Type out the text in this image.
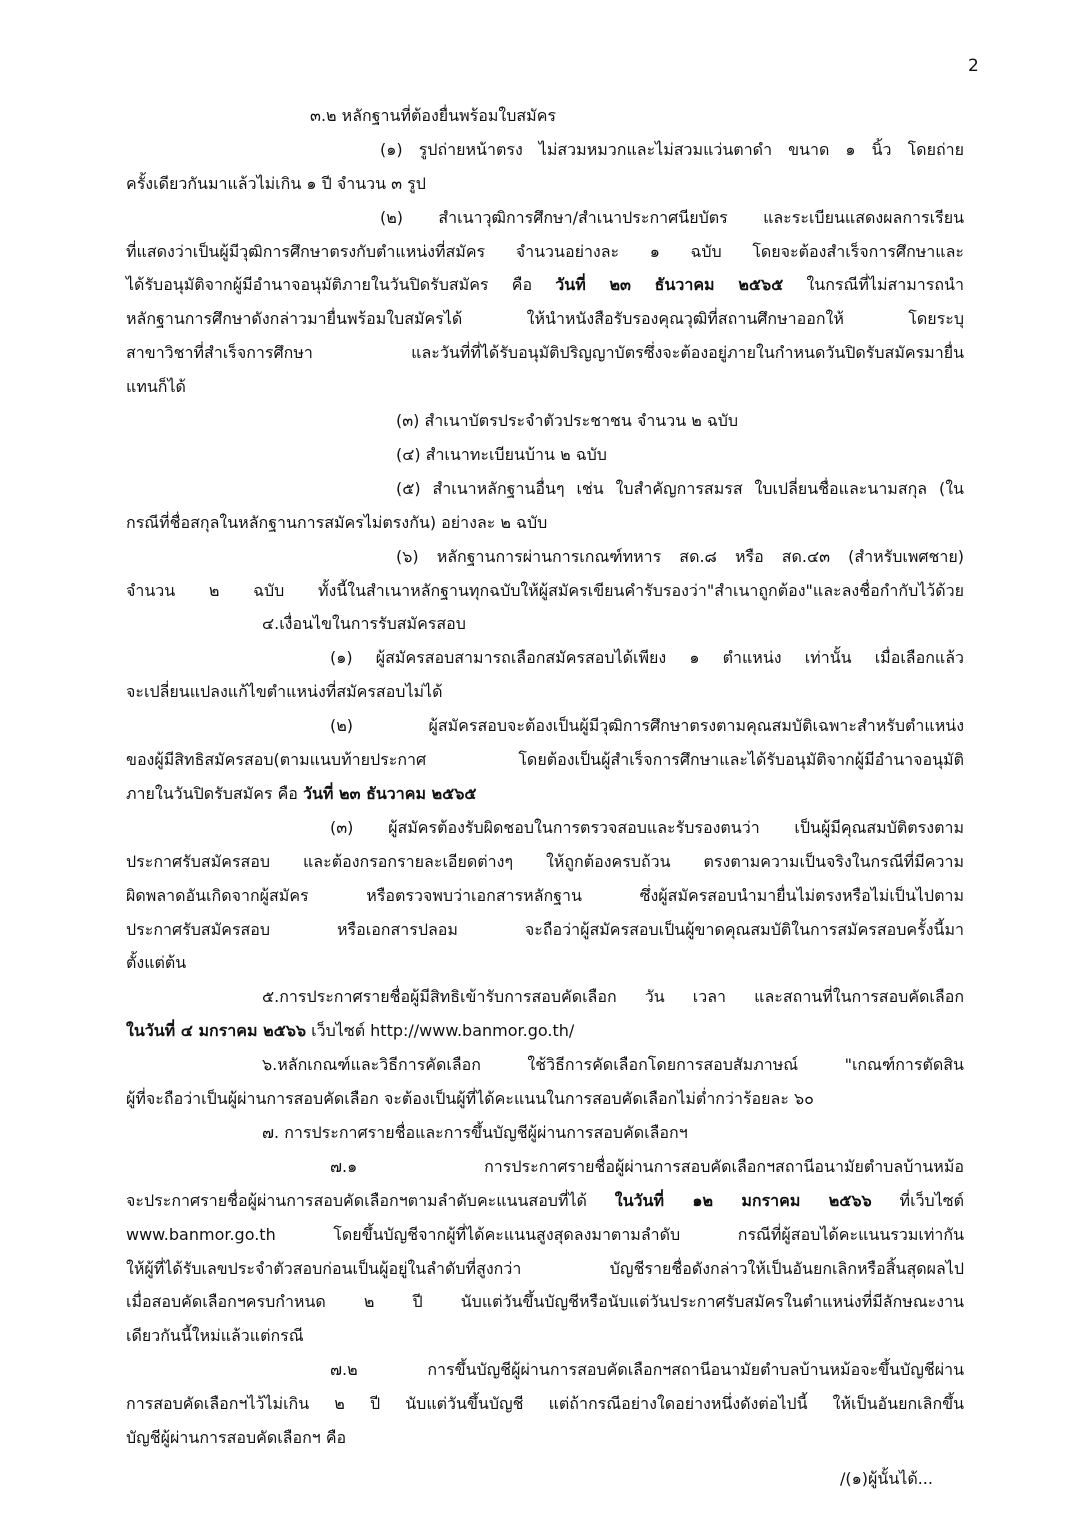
2
๓.๒ หลักฐานที่ต้องยื่นพร้อมใบสมัคร
(๑) รูปถ่ายหน้าตรง ไม่สวมหมวกและไม่สวมแว่นตาดำ ขนาด ๑ นิ้ว โดยถ่าย
ครั้งเดียวกันมาแล้วไม่เกิน ๑ ปี จำนวน ๓ รูป
(๒) สำเนาวุฒิการศึกษา/สำเนาประกาศนียบัตร และระเบียนแสดงผลการเรียน
ที่แสดงว่าเป็นผู้มีวุฒิการศึกษาตรงกับตำแหน่งที่สมัคร จำนวนอย่างละ ๑ ฉบับ โดยจะต้องสำเร็จการศึกษาและ
ได้รับอนุมัติจากผู้มีอำนาจอนุมัติภายในวันปิดรับสมัคร คือ วันที่ ๒๓ ธันวาคม ๒๕๖๕ ในกรณีที่ไม่สามารถนำ
หลักฐานการศึกษาดังกล่าวมายื่นพร้อมใบสมัครได้ ให้นำหนังสือรับรองคุณวุฒิที่สถานศึกษาออกให้ โดยระบุ
สาขาวิชาที่สำเร็จการศึกษา และวันที่ที่ได้รับอนุมัติปริญญาบัตรซึ่งจะต้องอยู่ภายในกำหนดวันปิดรับสมัครมายื่น
แทนก็ได้
(๓) สำเนาบัตรประจำตัวประชาชน จำนวน ๒ ฉบับ
(๔) สำเนาทะเบียนบ้าน ๒ ฉบับ
(๕) สำเนาหลักฐานอื่นๆ เช่น ใบสำคัญการสมรส ใบเปลี่ยนชื่อและนามสกุล (ใน
กรณีที่ชื่อสกุลในหลักฐานการสมัครไม่ตรงกัน) อย่างละ ๒ ฉบับ
(๖) หลักฐานการผ่านการเกณฑ์ทหาร สด.๘ หรือ สด.๔๓ (สำหรับเพศชาย)
จำนวน ๒ ฉบับ ทั้งนี้ในสำเนาหลักฐานทุกฉบับให้ผู้สมัครเขียนคำรับรองว่า"สำเนาถูกต้อง"และลงชื่อกำกับไว้ด้วย
๔.เงื่อนไขในการรับสมัครสอบ
(๑) ผู้สมัครสอบสามารถเลือกสมัครสอบได้เพียง ๑ ตำแหน่ง เท่านั้น เมื่อเลือกแล้ว
จะเปลี่ยนแปลงแก้ไขตำแหน่งที่สมัครสอบไม่ได้
(๒) ผู้สมัครสอบจะต้องเป็นผู้มีวุฒิการศึกษาตรงตามคุณสมบัติเฉพาะสำหรับตำแหน่ง
ของผู้มีสิทธิสมัครสอบ(ตามแนบท้ายประกาศ โดยต้องเป็นผู้สำเร็จการศึกษาและได้รับอนุมัติจากผู้มีอำนาจอนุมัติ
ภายในวันปิดรับสมัคร คือ วันที่ ๒๓ ธันวาคม ๒๕๖๕
(๓) ผู้สมัครต้องรับผิดชอบในการตรวจสอบและรับรองตนว่า เป็นผู้มีคุณสมบัติตรงตาม
ประกาศรับสมัครสอบ และต้องกรอกรายละเอียดต่างๆ ให้ถูกต้องครบถ้วน ตรงตามความเป็นจริงในกรณีที่มีความ
ผิดพลาดอันเกิดจากผู้สมัคร หรือตรวจพบว่าเอกสารหลักฐาน ซึ่งผู้สมัครสอบนำมายื่นไม่ตรงหรือไม่เป็นไปตาม
ประกาศรับสมัครสอบ หรือเอกสารปลอม จะถือว่าผู้สมัครสอบเป็นผู้ขาดคุณสมบัติในการสมัครสอบครั้งนี้มา
ตั้งแต่ต้น
๕.การประกาศรายชื่อผู้มีสิทธิเข้ารับการสอบคัดเลือก วัน เวลา และสถานที่ในการสอบคัดเลือก
ในวันที่ ๔ มกราคม ๒๕๖๖ เว็บไซต์ http://www.banmor.go.th/
๖.หลักเกณฑ์และวิธีการคัดเลือก ใช้วิธีการคัดเลือกโดยการสอบสัมภาษณ์ "เกณฑ์การตัดสิน
ผู้ที่จะถือว่าเป็นผู้ผ่านการสอบคัดเลือก จะต้องเป็นผู้ที่ได้คะแนนในการสอบคัดเลือกไม่ต่ำกว่าร้อยละ ๖๐
๗. การประกาศรายชื่อและการขึ้นบัญชีผู้ผ่านการสอบคัดเลือกฯ
๗.๑ การประกาศรายชื่อผู้ผ่านการสอบคัดเลือกฯสถานีอนามัยตำบลบ้านหม้อ
จะประกาศรายชื่อผู้ผ่านการสอบคัดเลือกฯตามลำดับคะแนนสอบที่ได้ ในวันที่ ๑๒ มกราคม ๒๕๖๖ ที่เว็บไซต์
www.banmor.go.th โดยขึ้นบัญชีจากผู้ที่ได้คะแนนสูงสุดลงมาตามลำดับ กรณีที่ผู้สอบได้คะแนนรวมเท่ากัน
ให้ผู้ที่ได้รับเลขประจำตัวสอบก่อนเป็นผู้อยู่ในลำดับที่สูงกว่า บัญชีรายชื่อดังกล่าวให้เป็นอันยกเลิกหรือสิ้นสุดผลไป
เมื่อสอบคัดเลือกฯครบกำหนด ๒ ปี นับแต่วันขึ้นบัญชีหรือนับแต่วันประกาศรับสมัครในตำแหน่งที่มีลักษณะงาน
เดียวกันนี้ใหม่แล้วแต่กรณี
๗.๒ การขึ้นบัญชีผู้ผ่านการสอบคัดเลือกฯสถานีอนามัยตำบลบ้านหม้อจะขึ้นบัญชีผ่าน
/(๑)ผู้นั้นได้...
การสอบคัดเลือกฯไว้ไม่เกิน ๒ ปี นับแต่วันขึ้นบัญชี แต่ถ้ากรณีอย่างใดอย่างหนึ่งดังต่อไปนี้ ให้เป็นอันยกเลิกขึ้น
บัญชีผู้ผ่านการสอบคัดเลือกฯ คือ
